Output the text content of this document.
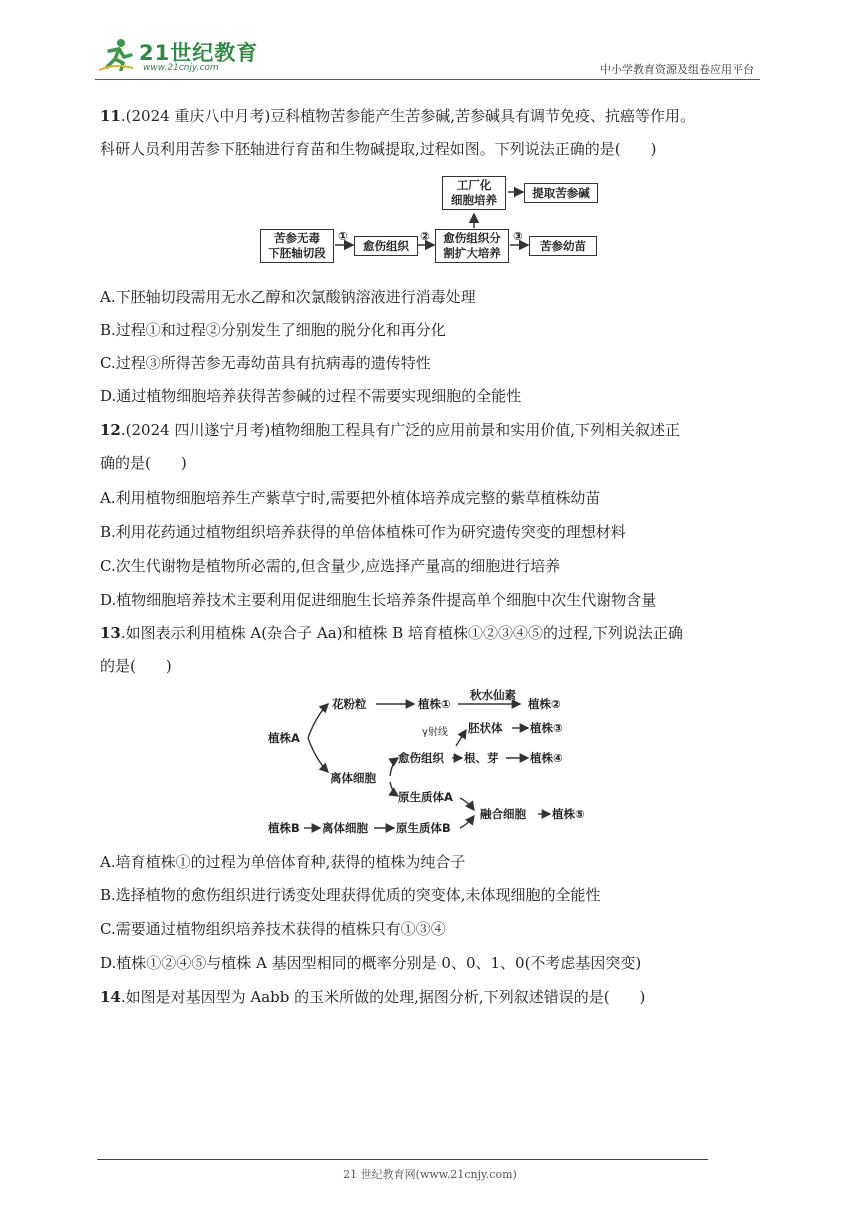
21世纪教育
www.21cnjy.com	中小学教育资源及组卷应用平台
11.(2024 重庆八中月考)豆科植物苦参能产生苦参碱,苦参碱具有调节免疫、抗癌等作用。
科研人员利用苦参下胚轴进行育苗和生物碱提取,过程如图。下列说法正确的是(　　)
苦参无毒
下胚轴切段
①
愈伤组织
②	愈伤组织分
割扩大培养
③
苦参幼苗
工厂化
细胞培养
提取苦参碱
A.下胚轴切段需用无水乙醇和次氯酸钠溶液进行消毒处理
B.过程①和过程②分别发生了细胞的脱分化和再分化
C.过程③所得苦参无毒幼苗具有抗病毒的遗传特性
D.通过植物细胞培养获得苦参碱的过程不需要实现细胞的全能性
12.(2024 四川遂宁月考)植物细胞工程具有广泛的应用前景和实用价值,下列相关叙述正
确的是(　　)
A.利用植物细胞培养生产紫草宁时,需要把外植体培养成完整的紫草植株幼苗
B.利用花药通过植物组织培养获得的单倍体植株可作为研究遗传突变的理想材料
C.次生代谢物是植物所必需的,但含量少,应选择产量高的细胞进行培养
D.植物细胞培养技术主要利用促进细胞生长培养条件提高单个细胞中次生代谢物含量
13.如图表示利用植株 A(杂合子 Aa)和植株 B 培育植株①②③④⑤的过程,下列说法正确
的是(　　)
植株A
花粉粒	植株①
秋水仙素
植株②
γ射线 胚状体 植株③
愈伤组织 根、芽	植株④
离体细胞
原生质体A
融合细胞 植株⑤
植株B 离体细胞 原生质体B
A.培育植株①的过程为单倍体育种,获得的植株为纯合子
B.选择植物的愈伤组织进行诱变处理获得优质的突变体,未体现细胞的全能性
C.需要通过植物组织培养技术获得的植株只有①③④
D.植株①②④⑤与植株 A 基因型相同的概率分别是 0、0、1、0(不考虑基因突变)
14.如图是对基因型为 Aabb 的玉米所做的处理,据图分析,下列叙述错误的是(　　)
21 世纪教育网(www.21cnjy.com)
